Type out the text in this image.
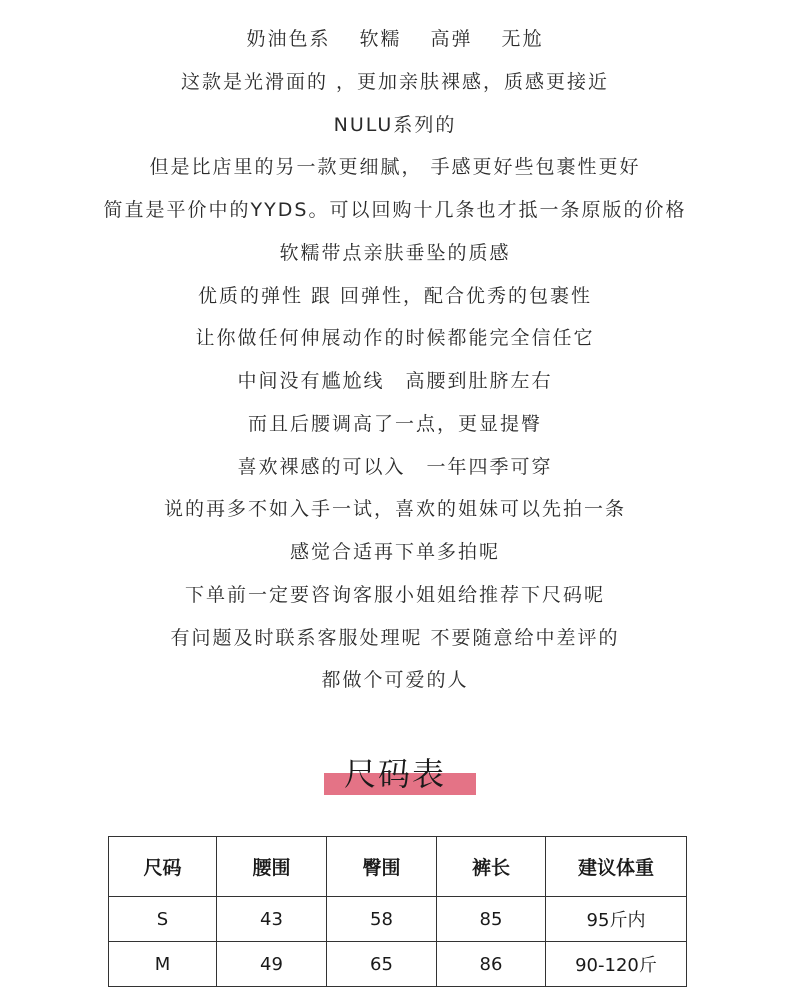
奶油色系　 软糯　 高弹　 无尬
这款是光滑面的 ，更加亲肤裸感，质感更接近
NULU系列的
但是比店里的另一款更细腻， 手感更好些包裹性更好
简直是平价中的YYDS。可以回购十几条也才抵一条原版的价格
软糯带点亲肤垂坠的质感
优质的弹性 跟 回弹性，配合优秀的包裹性
让你做任何伸展动作的时候都能完全信任它
中间没有尴尬线　高腰到肚脐左右
而且后腰调高了一点，更显提臀
喜欢裸感的可以入　一年四季可穿
说的再多不如入手一试，喜欢的姐妹可以先拍一条
感觉合适再下单多拍呢
下单前一定要咨询客服小姐姐给推荐下尺码呢
有问题及时联系客服处理呢 不要随意给中差评的
都做个可爱的人
尺码表
尺码	腰围	臀围	裤长	建议体重
S	43	58	85	95斤内
M	49	65	86	90-120斤
